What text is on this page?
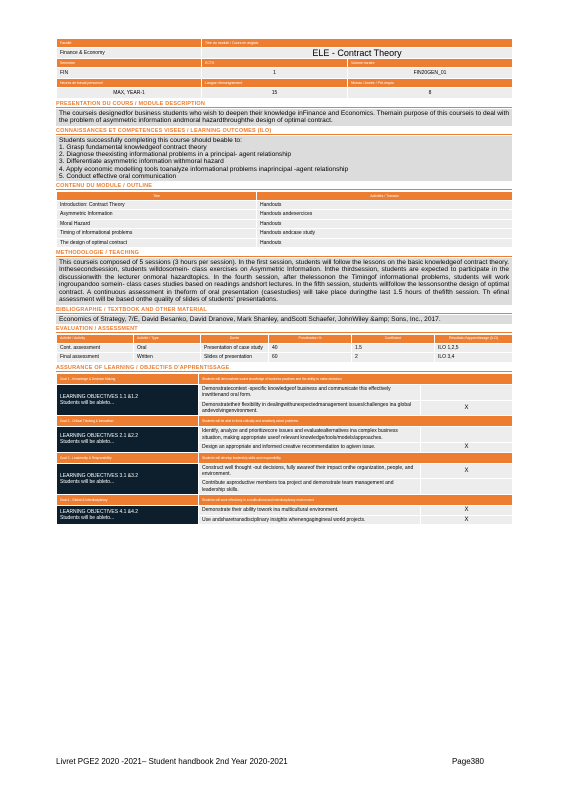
Faculté	Titre du module / Cours en anglais	
Finance & Economy	ELE - Contract Theory	
Semestre	ECTS	Volume horaire
FIN	1	FIN20GEN_01
Heures de travail personnel	Langue d'enseignement	Niveau / Année / Pré-requis
MAX, YEAR-1	15	8
PRESENTATION DU COURS / MODULE DESCRIPTION
The courseis designedfor business students who wish to deepen their knowledge inFinance and Economics. Themain purpose of this courseis to deal with the problem of asymmetric information andmoral hazardthroughthe design of optimal contract.
CONNAISSANCES ET COMPETENCES VISEES / LEARNING OUTCOMES (ILO)
Students successfully completing this course should beable to:
1. Grasp fundamental knowledgeof contract theory
2. Diagnose theexisting informational problems in a principal- agent relationship
3. Differentiate asymmetric information withmoral hazard
4. Apply economic modelling tools toanalyze informational problems inaprincipal -agent relationship
5. Conduct effective oral communication
CONTENU DU MODULE / OUTLINE
Titre	Activités / Travaux
Introduction: Contract Theory	Handouts
Asymmetric Information	Handouts andexercices
Moral Hazard	Handouts
Timing of informational problems	Handouts andcase study
The design of optimal contract	Handouts
METHODOLOGIE / TEACHING
This courseis composed of 5 sessions (3 hours per session). In the first session, students will follow the lessons on the basic knowledgeof contract theory. Inthesecondsession, students willdosomein- class exercises on Asymmetric Information. Inthe thirdsession, students are expected to participate in the discussionwith the lecturer onmoral hazardtopics. In the fourth session, after thelessonon the Timingof informational problems, students will work ingroupandoo somein- class cases studies based on readings andshort lectures. In the fifth session, students willfollow the lessonsonthe design of optimal contract. A continuous assessment in theform of oral presentation (casestudies) will take place duringthe last 1.5 hours of thefifth session. Th efinal assessment will be based onthe quality of slides of students' presentations.
BIBLIOGRAPHIE / TEXTBOOK AND OTHER MATERIAL
Economics of Strategy, 7/E, David Besanko, David Dranove, Mark Shanley, andScott Schaefer, JohnWiley &amp; Sons, Inc., 2017.
EVALUATION / ASSESSMENT
Activité / Activity	Activité / Type	Durée	Pondération %	Coefficient	Résultats d'apprentissage (ILO)
Cont. assessment	Oral	Presentation of case study	40	1.5	ILO 1,2,5
Final assessment	Written	Slides of presentation	60	2	ILO 3,4
ASSURANCE OF LEARNING / OBJECTIFS D'APPRENTISSAGE
Goal 1 - Knowledge & Decision Making	Students will demonstrate sound knowledge of business practices and the ability to make decisions	

LEARNING OBJECTIVES 1.1 &1.2
Students will be ableto...	Demonstratecontext -specific knowledgeof business and communicate this effectively inwrittenand oral form.	
	Demonstratetheir flexibility in dealingwithunexpectedmanagement issues/challenges ina global andevolvingenvironment.	X
Goal 2 - Critical Thinking & Innovation	Students will be able to think critically and creatively about problems	

LEARNING OBJECTIVES 2.1 &2.2
Students will be ableto...	Identify, analyze and prioritizecore issues and evaluatealternatives ina complex business situation, making appropriate useof relevant knowledge/tools/models/approaches.	
	Design an appropriate and informed creative recommendation to agiven issue.	X
Goal 3 - Leadership & Responsibility	Students will develop leadership skills and responsibility	

LEARNING OBJECTIVES 3.1 &3.2
Students will be ableto...	Construct well thought -out decisions, fully awareof their impact onthe organization, people, and environment.	X
	Contribute asproductive members toa project and demonstrate team management and leadership skills.	
Goal 4 - Global & Interdisciplinary	Students will work effectively in a multicultural and interdisciplinary environment	

LEARNING OBJECTIVES 4.1 &4.2
Students will be ableto...	Demonstrate their ability towork ina multicultural environment.	X
	Use andsharetransdisciplinary insights whenengagingineal world projects.	X
Livret PGE2 2020 -2021– Student handbook 2nd Year 2020-2021	Page380
